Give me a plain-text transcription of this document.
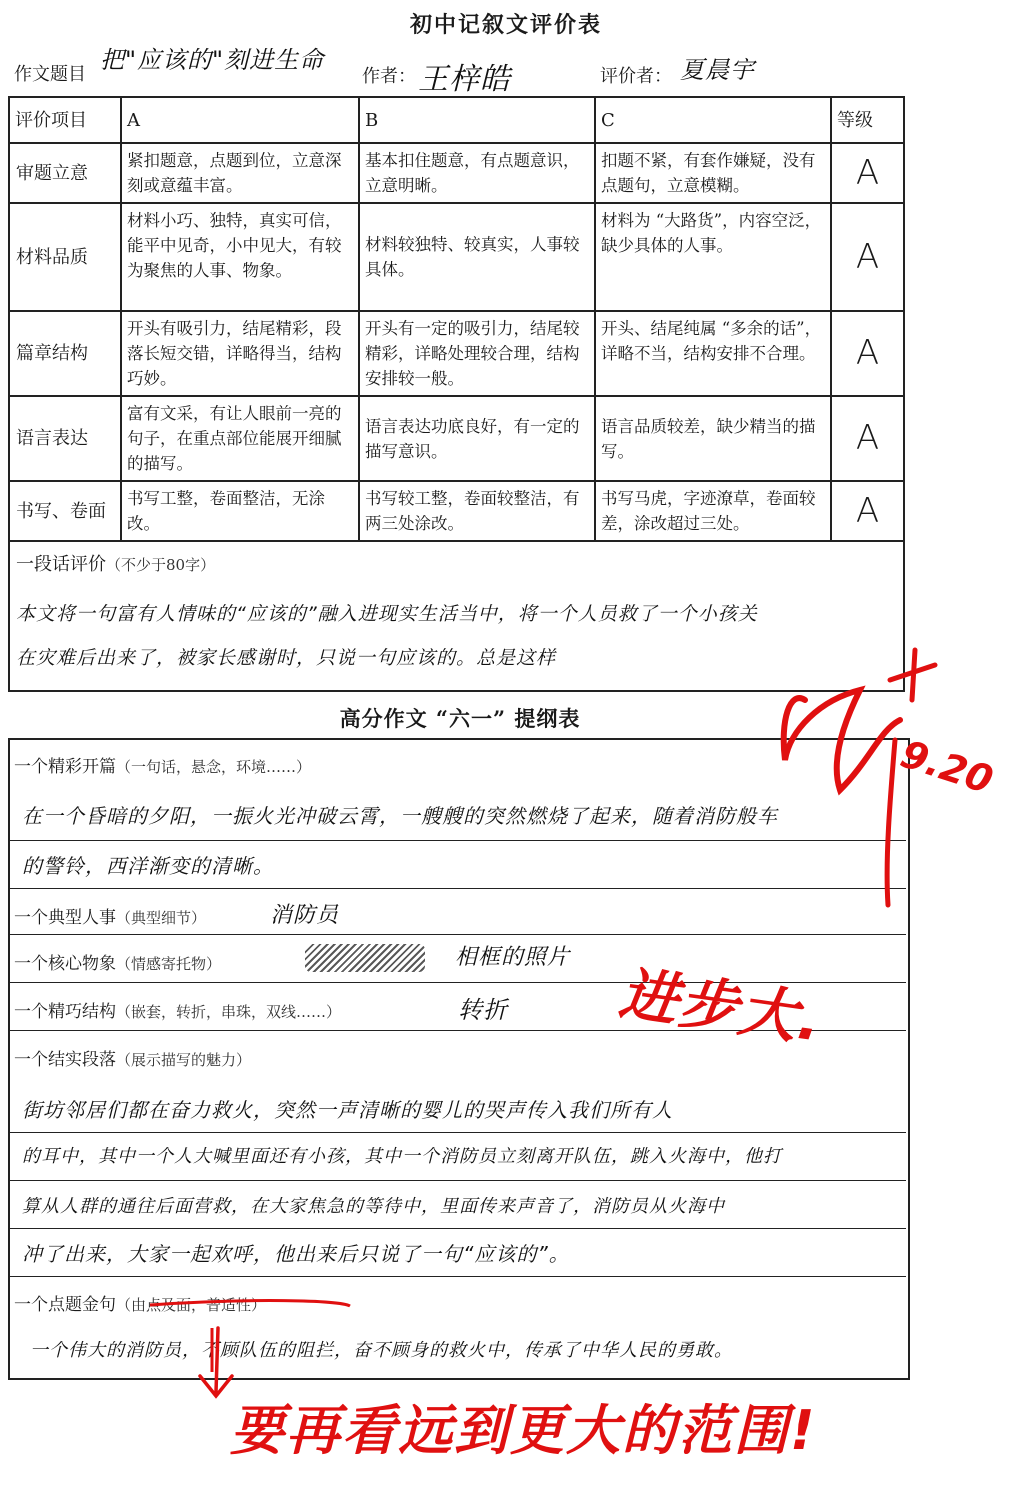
初中记叙文评价表
作文题目
把"应该的"刻进生命
作者： 王梓皓	评价者： 夏晨宇
评价项目	A	B	C	等级
审题立意	紧扣题意，点题到位，立意深刻或意蕴丰富。	基本扣住题意，有点题意识，立意明晰。	扣题不紧，有套作嫌疑，没有点题句，立意模糊。	A
材料品质	材料小巧、独特，真实可信，能平中见奇，小中见大，有较为聚焦的人事、物象。	材料较独特、较真实，人事较具体。	材料为 “大路货”，内容空泛，缺少具体的人事。	A
篇章结构	开头有吸引力，结尾精彩，段落长短交错，详略得当，结构巧妙。	开头有一定的吸引力，结尾较精彩，详略处理较合理，结构安排较一般。	开头、结尾纯属 “多余的话”，详略不当，结构安排不合理。	A
语言表达	富有文采，有让人眼前一亮的句子，在重点部位能展开细腻的描写。	语言表达功底良好，有一定的描写意识。	语言品质较差，缺少精当的描写。	A
书写、卷面	书写工整，卷面整洁，无涂改。	书写较工整，卷面较整洁，有两三处涂改。	书写马虎，字迹潦草，卷面较差，涂改超过三处。	A
一段话评价（不少于80字）
本文将一句富有人情味的“应该的”融入进现实生活当中，将一个人员救了一个小孩关
在灾难后出来了，被家长感谢时，只说一句应该的。总是这样				
高分作文 “六一” 提纲表
一个精彩开篇（一句话，悬念，环境……）
在一个昏暗的夕阳，一振火光冲破云霄，一艘艘的突然燃烧了起来，随着消防般车
的警铃，西洋渐变的清晰。
一个典型人事（典型细节）	消防员
一个核心物象（情感寄托物）	相框的照片
一个精巧结构（嵌套，转折，串珠，双线……）	转折
一个结实段落（展示描写的魅力）
街坊邻居们都在奋力救火，突然一声清晰的婴儿的哭声传入我们所有人
的耳中，其中一个人大喊里面还有小孩，其中一个消防员立刻离开队伍，跳入火海中，他打
算从人群的通往后面营救，在大家焦急的等待中，里面传来声音了，消防员从火海中
冲了出来，大家一起欢呼，他出来后只说了一句“应该的”。
一个点题金句（由点及面，普适性）
一个伟大的消防员，不顾队伍的阻拦，奋不顾身的救火中，传承了中华人民的勇敢。
9.20
进步大.
要再看远到更大的范围!
